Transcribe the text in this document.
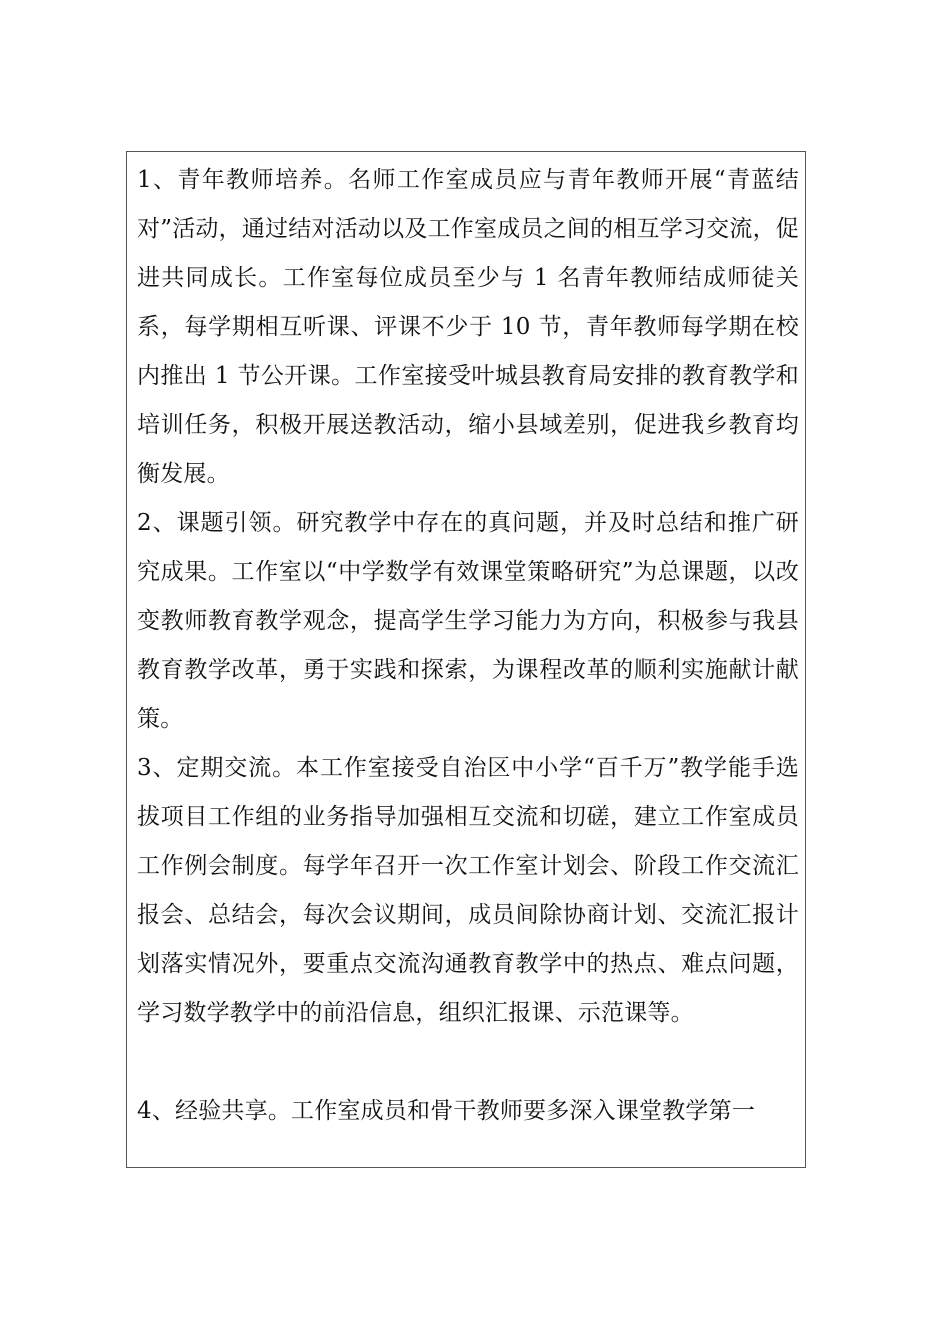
1、青年教师培养。名师工作室成员应与青年教师开展“青蓝结对”活动，通过结对活动以及工作室成员之间的相互学习交流，促进共同成长。工作室每位成员至少与 1 名青年教师结成师徒关系，每学期相互听课、评课不少于 10 节，青年教师每学期在校内推出 1 节公开课。工作室接受叶城县教育局安排的教育教学和培训任务，积极开展送教活动，缩小县域差别，促进我乡教育均衡发展。
2、课题引领。研究教学中存在的真问题，并及时总结和推广研究成果。工作室以“中学数学有效课堂策略研究”为总课题，以改变教师教育教学观念，提高学生学习能力为方向，积极参与我县教育教学改革，勇于实践和探索，为课程改革的顺利实施献计献策。
3、定期交流。本工作室接受自治区中小学“百千万”教学能手选拔项目工作组的业务指导加强相互交流和切磋，建立工作室成员工作例会制度。每学年召开一次工作室计划会、阶段工作交流汇报会、总结会，每次会议期间，成员间除协商计划、交流汇报计划落实情况外，要重点交流沟通教育教学中的热点、难点问题，学习数学教学中的前沿信息，组织汇报课、示范课等。
4、经验共享。工作室成员和骨干教师要多深入课堂教学第一
